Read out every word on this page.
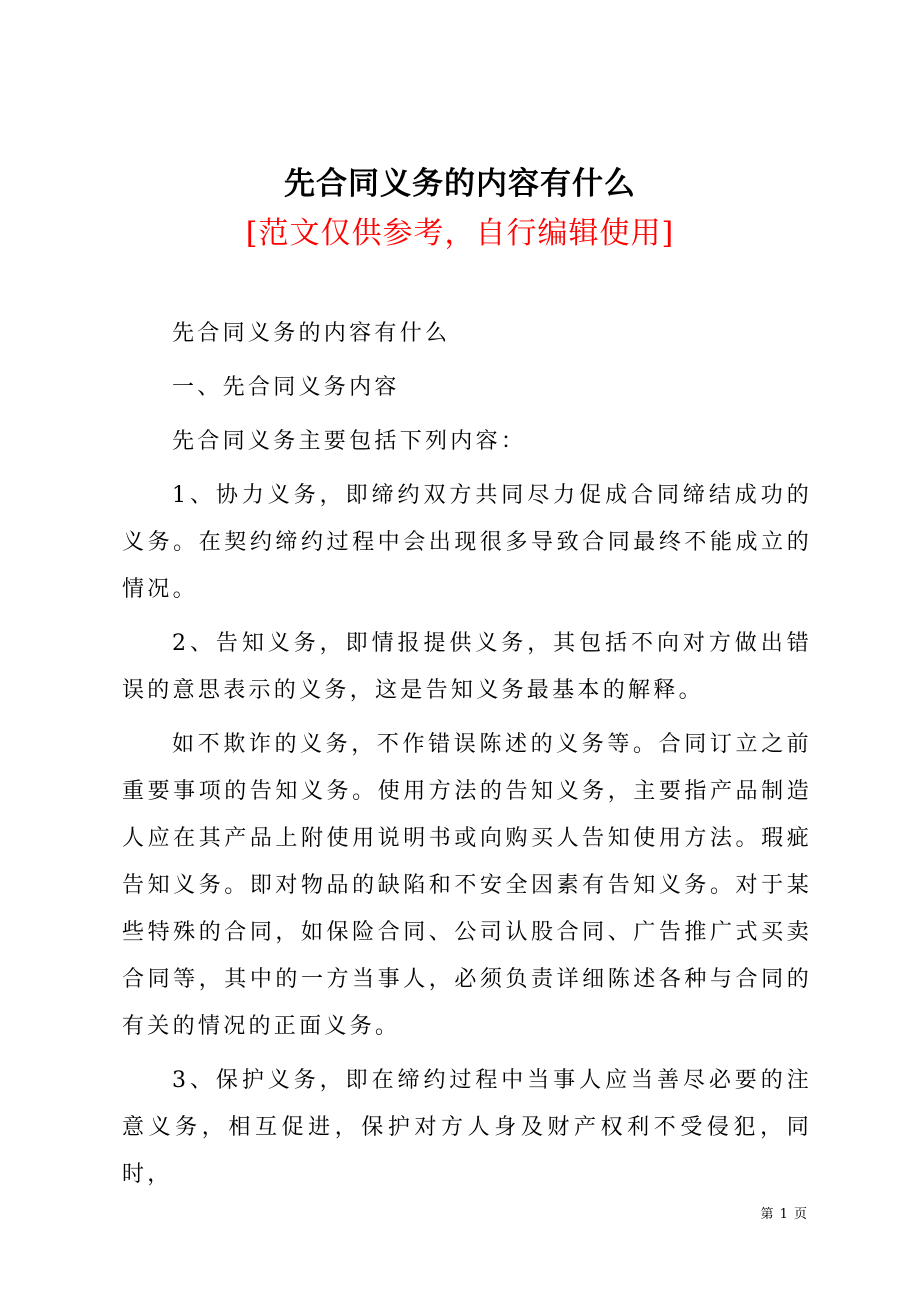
先合同义务的内容有什么
[范文仅供参考，自行编辑使用]

先合同义务的内容有什么

一、先合同义务内容

先合同义务主要包括下列内容：

1、协力义务，即缔约双方共同尽力促成合同缔结成功的义务。在契约缔约过程中会出现很多导致合同最终不能成立的情况。

2、告知义务，即情报提供义务，其包括不向对方做出错误的意思表示的义务，这是告知义务最基本的解释。

如不欺诈的义务，不作错误陈述的义务等。合同订立之前重要事项的告知义务。使用方法的告知义务，主要指产品制造人应在其产品上附使用说明书或向购买人告知使用方法。瑕疵告知义务。即对物品的缺陷和不安全因素有告知义务。对于某些特殊的合同，如保险合同、公司认股合同、广告推广式买卖合同等，其中的一方当事人，必须负责详细陈述各种与合同的有关的情况的正面义务。

3、保护义务，即在缔约过程中当事人应当善尽必要的注意义务，相互促进，保护对方人身及财产权利不受侵犯，同时，

第 1 页
